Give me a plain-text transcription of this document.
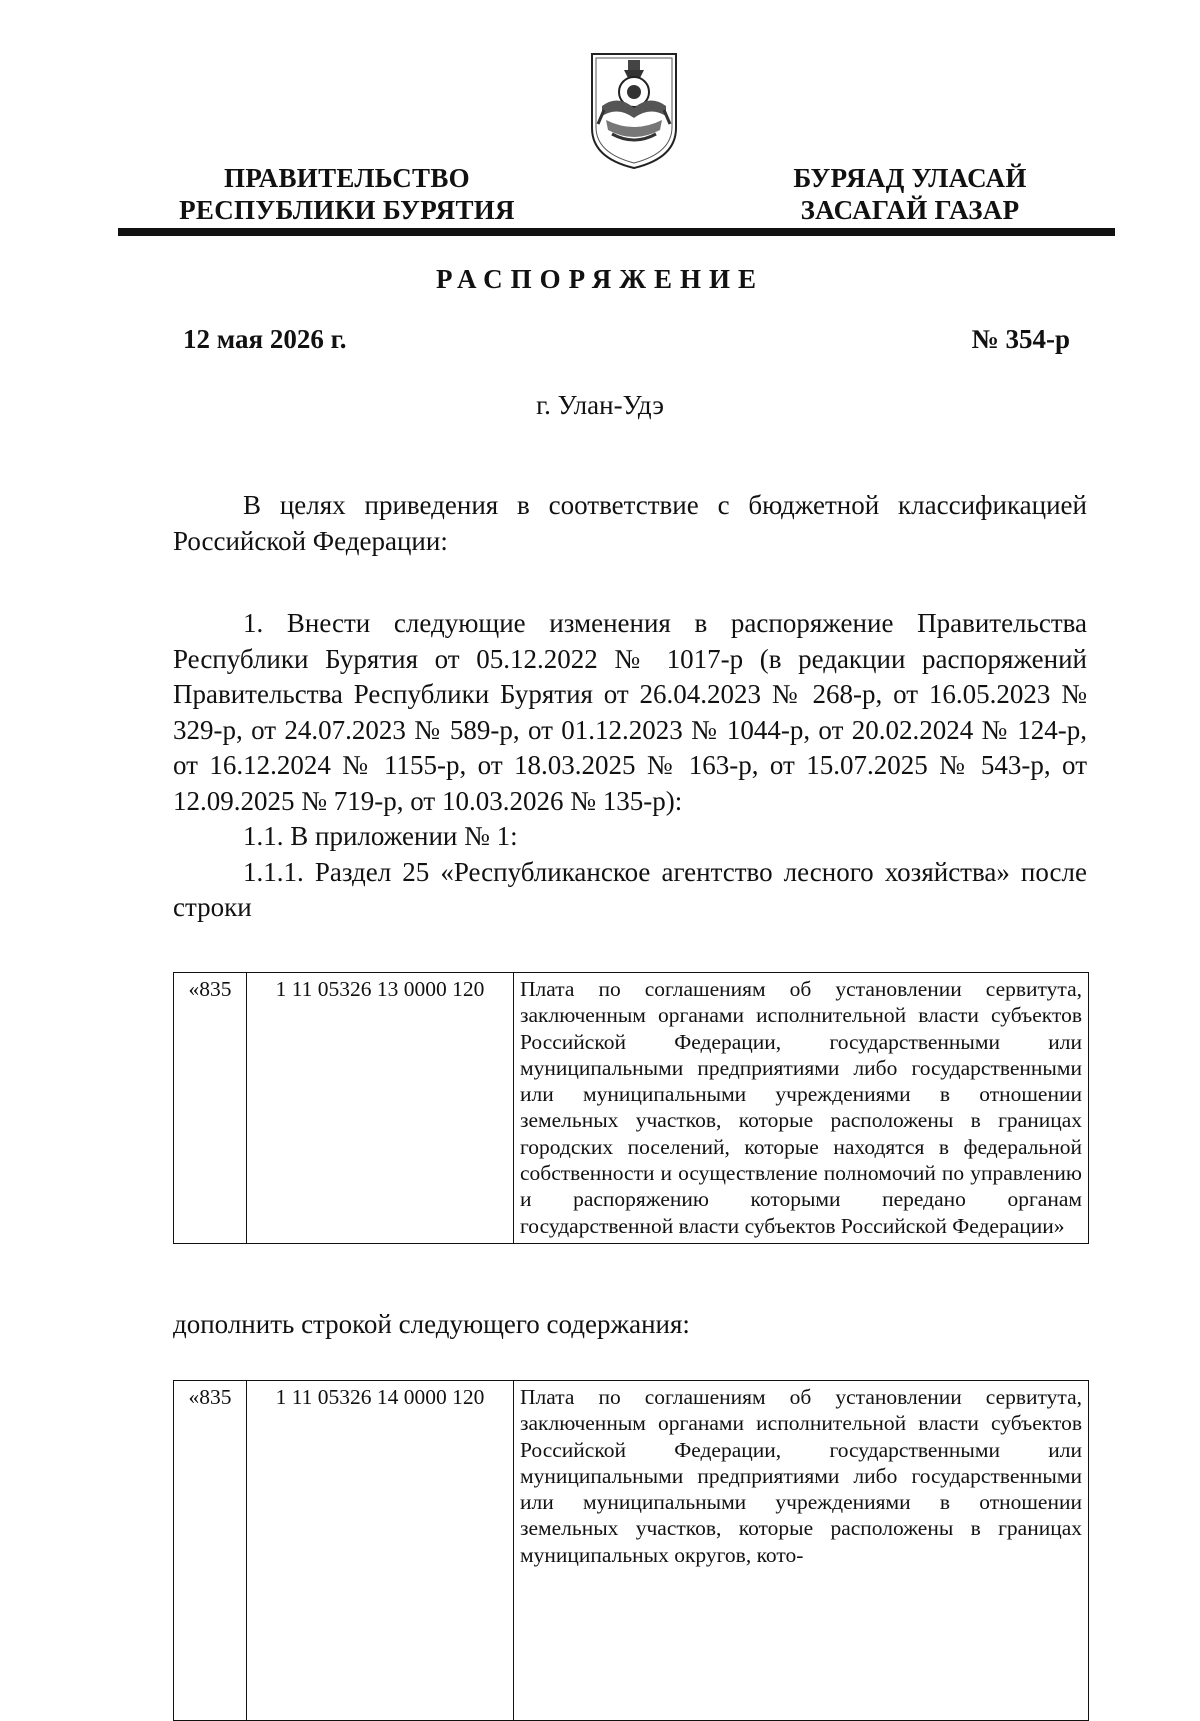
ПРАВИТЕЛЬСТВО
РЕСПУБЛИКИ БУРЯТИЯ
БУРЯАД УЛАСАЙ
ЗАСАГАЙ ГАЗАР
РАСПОРЯЖЕНИЕ
12 мая 2026 г.	№ 354-р
г. Улан-Удэ

В целях приведения в соответствие с бюджетной классификацией Российской Федерации:

1. Внести следующие изменения в распоряжение Правительства Республики Бурятия от 05.12.2022 № 1017-р (в редакции распоряжений Правительства Республики Бурятия от 26.04.2023 № 268-р, от 16.05.2023 № 329-р, от 24.07.2023 № 589-р, от 01.12.2023 № 1044-р, от 20.02.2024 № 124-р, от 16.12.2024 № 1155-р, от 18.03.2025 № 163-р, от 15.07.2025 № 543-р, от 12.09.2025 № 719-р, от 10.03.2026 № 135-р):

1.1. В приложении № 1:

1.1.1. Раздел 25 «Республиканское агентство лесного хозяйства» после строки

«835	1 11 05326 13 0000 120	Плата по соглашениям об установлении сервитута, заключенным органами исполнительной власти субъектов Российской Федерации, государственными или муниципальными предприятиями либо государственными или муниципальными учреждениями в отношении земельных участков, которые расположены в границах городских поселений, которые находятся в федеральной собственности и осуществление полномочий по управлению и распоряжению которыми передано органам государственной власти субъектов Российской Федерации»

дополнить строкой следующего содержания:

«835	1 11 05326 14 0000 120	Плата по соглашениям об установлении сервитута, заключенным органами исполнительной власти субъектов Российской Федерации, государственными или муниципальными предприятиями либо государственными или муниципальными учреждениями в отношении земельных участков, которые расположены в границах муниципальных округов, кото-
